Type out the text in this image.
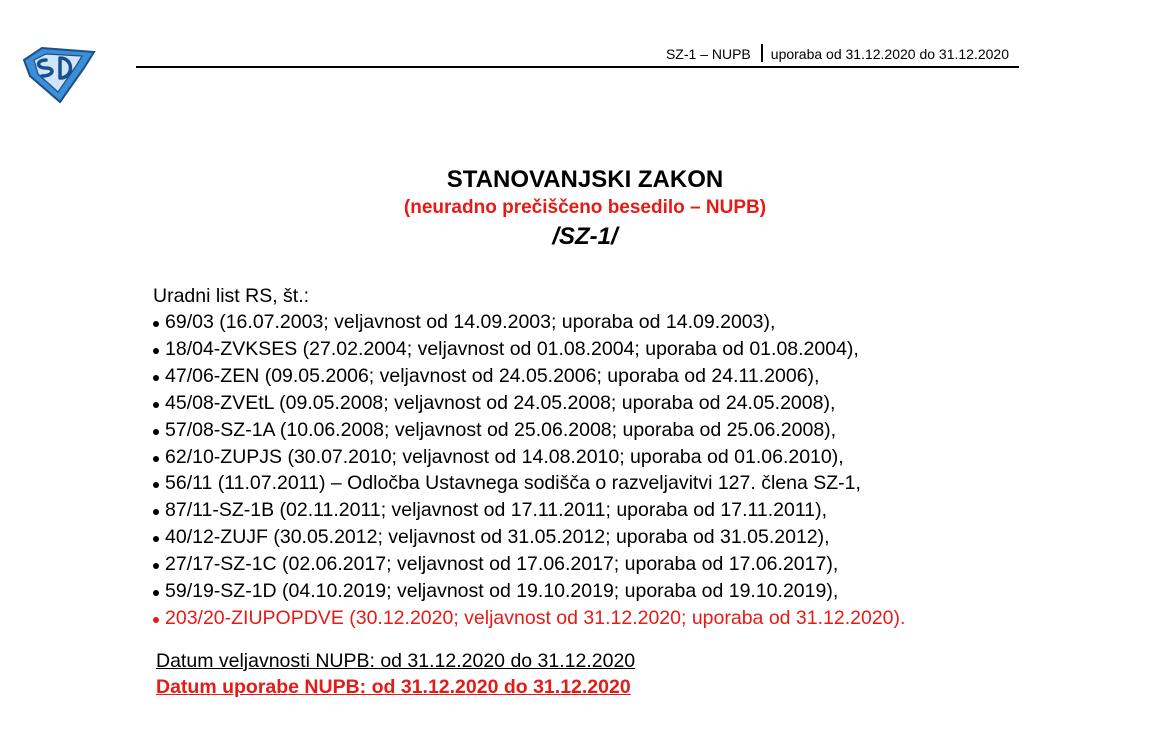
SZ-1 – NUPB uporaba od 31.12.2020 do 31.12.2020
STANOVANJSKI ZAKON
(neuradno prečiščeno besedilo – NUPB)
/SZ-1/
Uradni list RS, št.:
69/03 (16.07.2003; veljavnost od 14.09.2003; uporaba od 14.09.2003),
18/04-ZVKSES (27.02.2004; veljavnost od 01.08.2004; uporaba od 01.08.2004),
47/06-ZEN (09.05.2006; veljavnost od 24.05.2006; uporaba od 24.11.2006),
45/08-ZVEtL (09.05.2008; veljavnost od 24.05.2008; uporaba od 24.05.2008),
57/08-SZ-1A (10.06.2008; veljavnost od 25.06.2008; uporaba od 25.06.2008),
62/10-ZUPJS (30.07.2010; veljavnost od 14.08.2010; uporaba od 01.06.2010),
56/11 (11.07.2011) – Odločba Ustavnega sodišča o razveljavitvi 127. člena SZ-1,
87/11-SZ-1B (02.11.2011; veljavnost od 17.11.2011; uporaba od 17.11.2011),
40/12-ZUJF (30.05.2012; veljavnost od 31.05.2012; uporaba od 31.05.2012),
27/17-SZ-1C (02.06.2017; veljavnost od 17.06.2017; uporaba od 17.06.2017),
59/19-SZ-1D (04.10.2019; veljavnost od 19.10.2019; uporaba od 19.10.2019),
203/20-ZIUPOPDVE (30.12.2020; veljavnost od 31.12.2020; uporaba od 31.12.2020).
Datum veljavnosti NUPB: od 31.12.2020 do 31.12.2020
Datum uporabe NUPB: od 31.12.2020 do 31.12.2020
